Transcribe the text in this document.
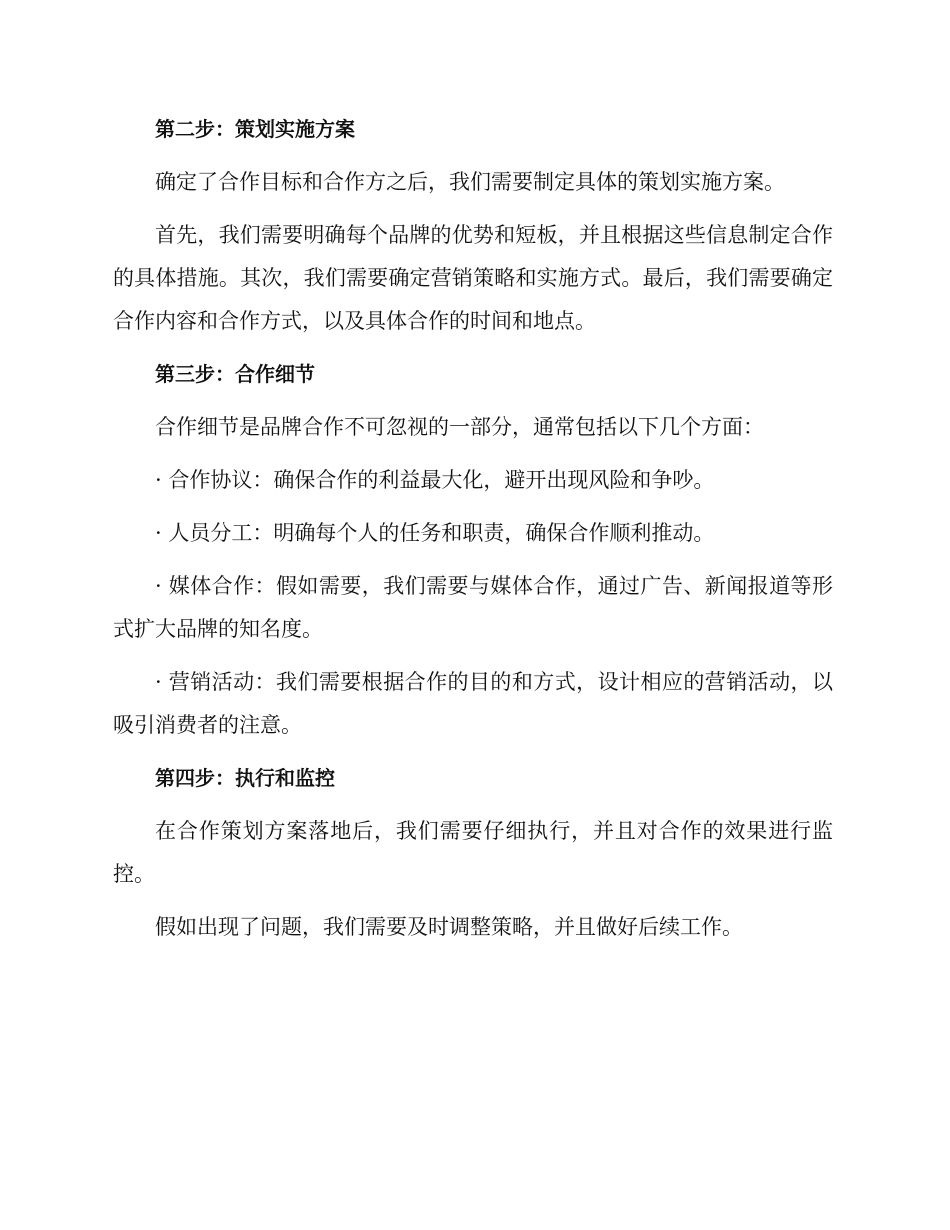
第二步：策划实施方案

确定了合作目标和合作方之后，我们需要制定具体的策划实施方案。

首先，我们需要明确每个品牌的优势和短板，并且根据这些信息制定合作的具体措施。其次，我们需要确定营销策略和实施方式。最后，我们需要确定合作内容和合作方式，以及具体合作的时间和地点。

第三步：合作细节

合作细节是品牌合作不可忽视的一部分，通常包括以下几个方面：

· 合作协议：确保合作的利益最大化，避开出现风险和争吵。

· 人员分工：明确每个人的任务和职责，确保合作顺利推动。

· 媒体合作：假如需要，我们需要与媒体合作，通过广告、新闻报道等形式扩大品牌的知名度。

· 营销活动：我们需要根据合作的目的和方式，设计相应的营销活动，以吸引消费者的注意。

第四步：执行和监控

在合作策划方案落地后，我们需要仔细执行，并且对合作的效果进行监控。

假如出现了问题，我们需要及时调整策略，并且做好后续工作。
